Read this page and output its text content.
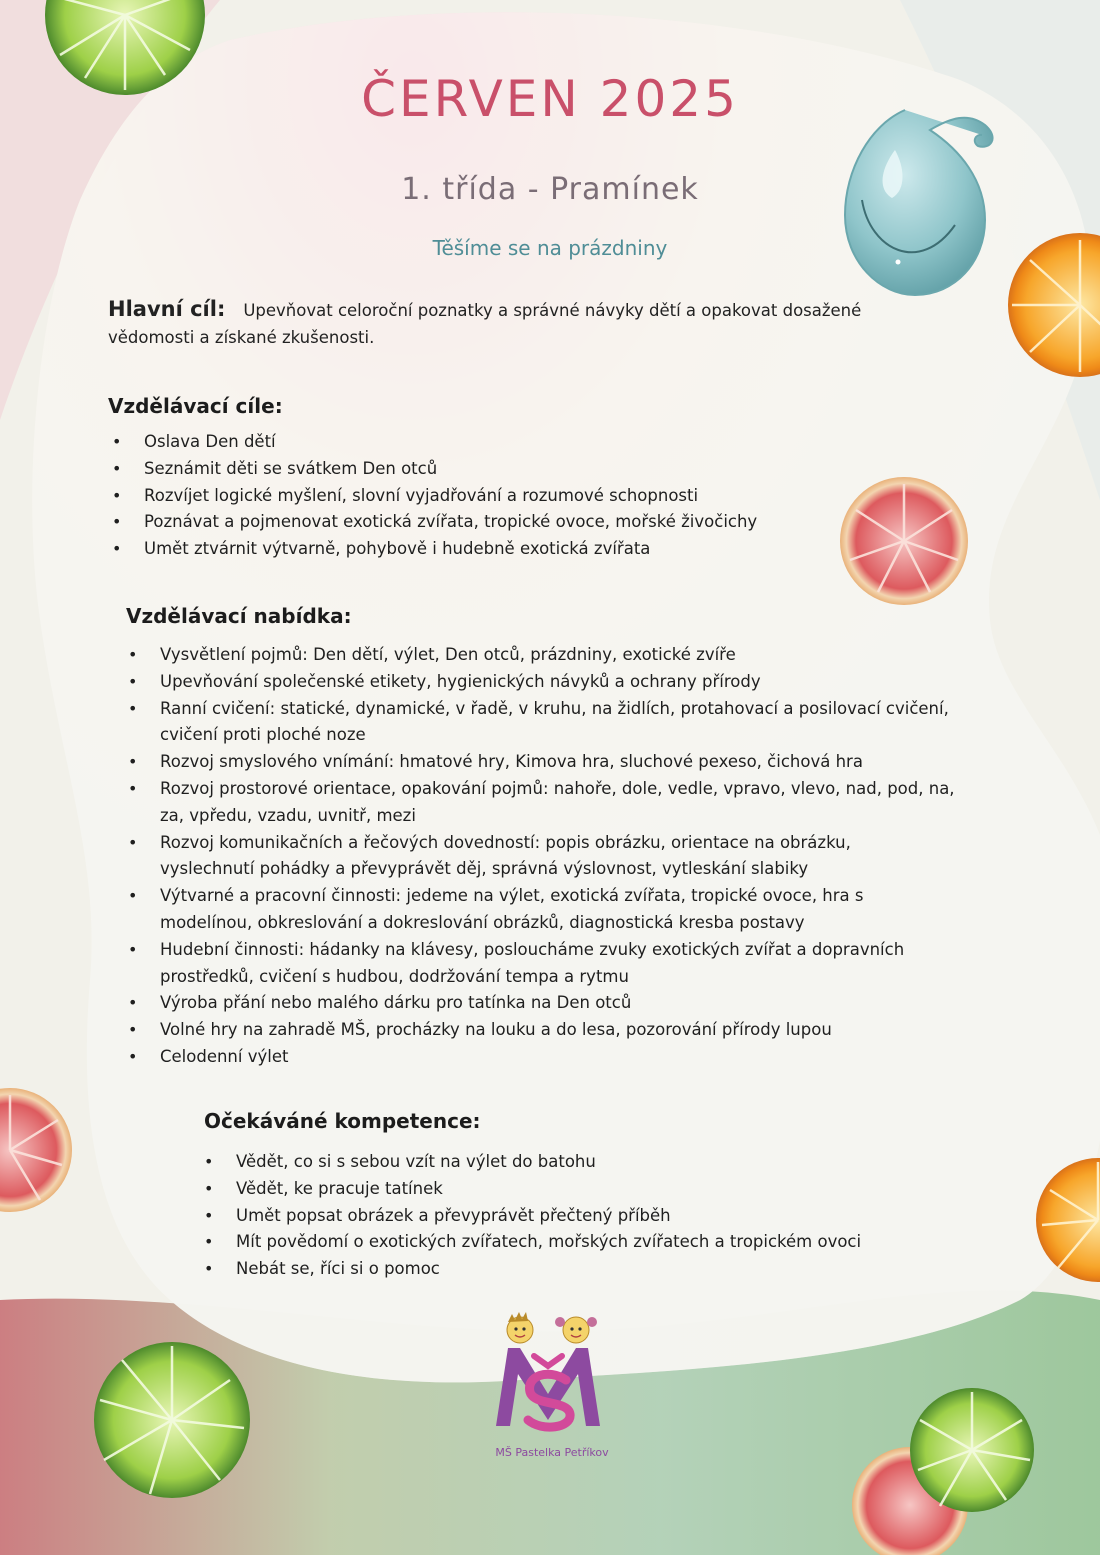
ČERVEN 2025
1. třída - Pramínek
Těšíme se na prázdniny
Hlavní cíl: Upevňovat celoroční poznatky a správné návyky dětí a opakovat dosažené vědomosti a získané zkušenosti.
Vzdělávací cíle:
• Oslava Den dětí
• Seznámit děti se svátkem Den otců
• Rozvíjet logické myšlení, slovní vyjadřování a rozumové schopnosti
• Poznávat a pojmenovat exotická zvířata, tropické ovoce, mořské živočichy
• Umět ztvárnit výtvarně, pohybově i hudebně exotická zvířata
Vzdělávací nabídka:
• Vysvětlení pojmů: Den dětí, výlet, Den otců, prázdniny, exotické zvíře
• Upevňování společenské etikety, hygienických návyků a ochrany přírody
• Ranní cvičení: statické, dynamické, v řadě, v kruhu, na židlích, protahovací a posilovací cvičení, cvičení proti ploché noze
• Rozvoj smyslového vnímání: hmatové hry, Kimova hra, sluchové pexeso, čichová hra
• Rozvoj prostorové orientace, opakování pojmů: nahoře, dole, vedle, vpravo, vlevo, nad, pod, na, za, vpředu, vzadu, uvnitř, mezi
• Rozvoj komunikačních a řečových dovedností: popis obrázku, orientace na obrázku, vyslechnutí pohádky a převyprávět děj, správná výslovnost, vytleskání slabiky
• Výtvarné a pracovní činnosti: jedeme na výlet, exotická zvířata, tropické ovoce, hra s modelínou, obkreslování a dokreslování obrázků, diagnostická kresba postavy
• Hudební činnosti: hádanky na klávesy, posloucháme zvuky exotických zvířat a dopravních prostředků, cvičení s hudbou, dodržování tempa a rytmu
• Výroba přání nebo malého dárku pro tatínka na Den otců
• Volné hry na zahradě MŠ, procházky na louku a do lesa, pozorování přírody lupou
• Celodenní výlet
Očekáváné kompetence:
• Vědět, co si s sebou vzít na výlet do batohu
• Vědět, ke pracuje tatínek
• Umět popsat obrázek a převyprávět přečtený příběh
• Mít povědomí o exotických zvířatech, mořských zvířatech a tropickém ovoci
• Nebát se, říci si o pomoc
MŠ Pastelka Petříkov
